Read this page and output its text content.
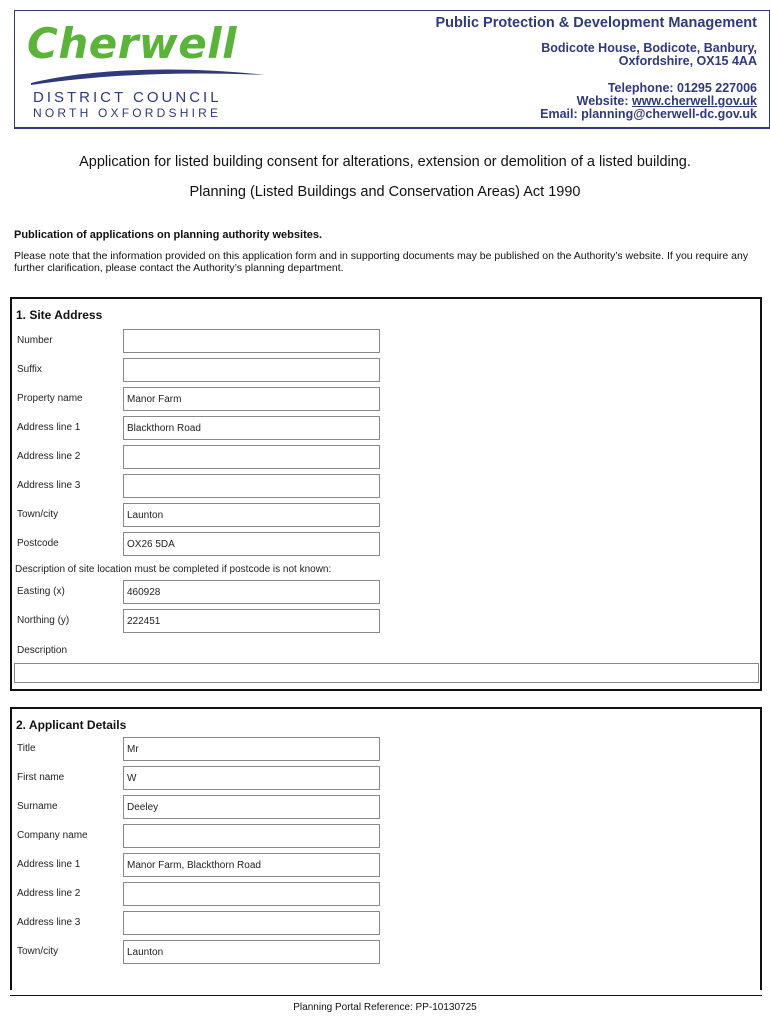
Cherwell
DISTRICT COUNCIL
NORTH OXFORDSHIRE
Public Protection & Development Management
Bodicote House, Bodicote, Banbury,
Oxfordshire, OX15 4AA
Telephone: 01295 227006
Website: www.cherwell.gov.uk
Email: planning@cherwell-dc.gov.uk
Application for listed building consent for alterations, extension or demolition of a listed building.
Planning (Listed Buildings and Conservation Areas) Act 1990
Publication of applications on planning authority websites.
Please note that the information provided on this application form and in supporting documents may be published on the Authority’s website. If you require any further clarification, please contact the Authority’s planning department.
1. Site Address
Number
Suffix
Property name	Manor Farm
Address line 1	Blackthorn Road
Address line 2
Address line 3
Town/city	Launton
Postcode	OX26 5DA
Description of site location must be completed if postcode is not known:
Easting (x)	460928
Northing (y)	222451
Description
2. Applicant Details
Title	Mr
First name	W
Surname	Deeley
Company name
Address line 1	Manor Farm, Blackthorn Road
Address line 2
Address line 3
Town/city	Launton
Planning Portal Reference: PP-10130725
